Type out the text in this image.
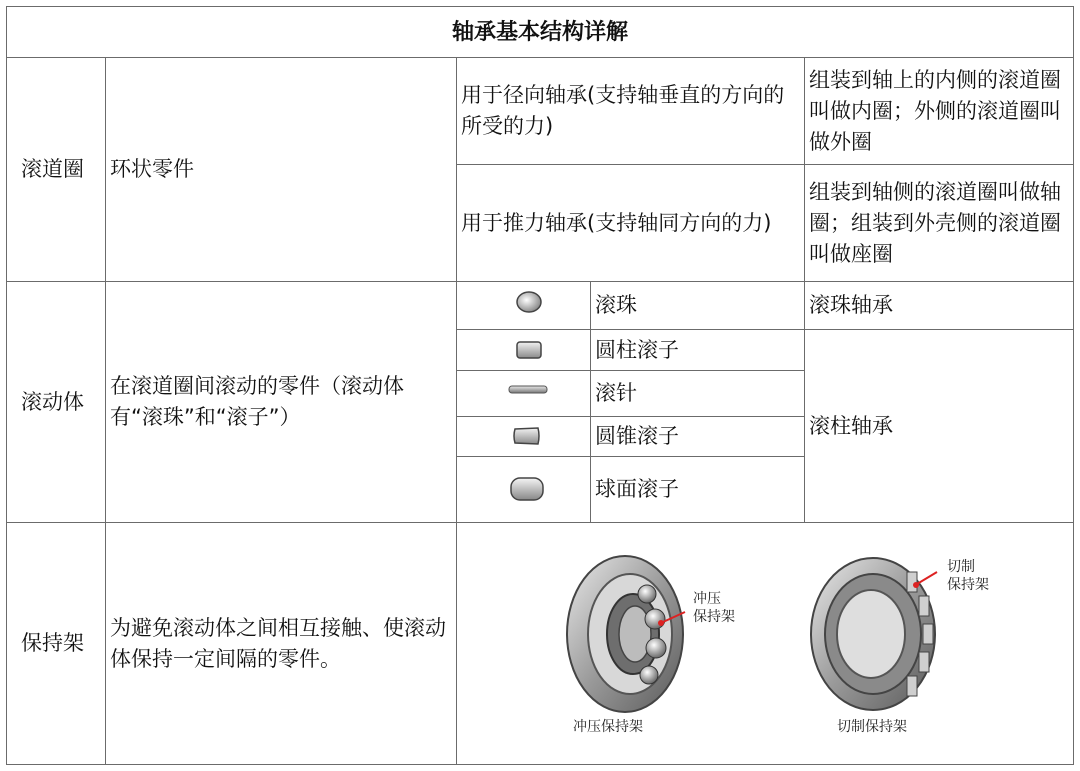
轴承基本结构详解
滚道圈	环状零件
用于径向轴承(支持轴垂直的方向的所受的力)
组装到轴上的内侧的滚道圈叫做内圈；外侧的滚道圈叫做外圈
用于推力轴承(支持轴同方向的力)
组装到轴侧的滚道圈叫做轴圈；组装到外壳侧的滚道圈叫做座圈
滚动体
在滚道圈间滚动的零件（滚动体有“滚珠”和“滚子”）
滚珠
圆柱滚子
滚针
圆锥滚子
球面滚子
滚珠轴承
滚柱轴承
保持架
为避免滚动体之间相互接触、使滚动体保持一定间隔的零件。
冲压
保持架
切制
保持架
冲压保持架	切制保持架
